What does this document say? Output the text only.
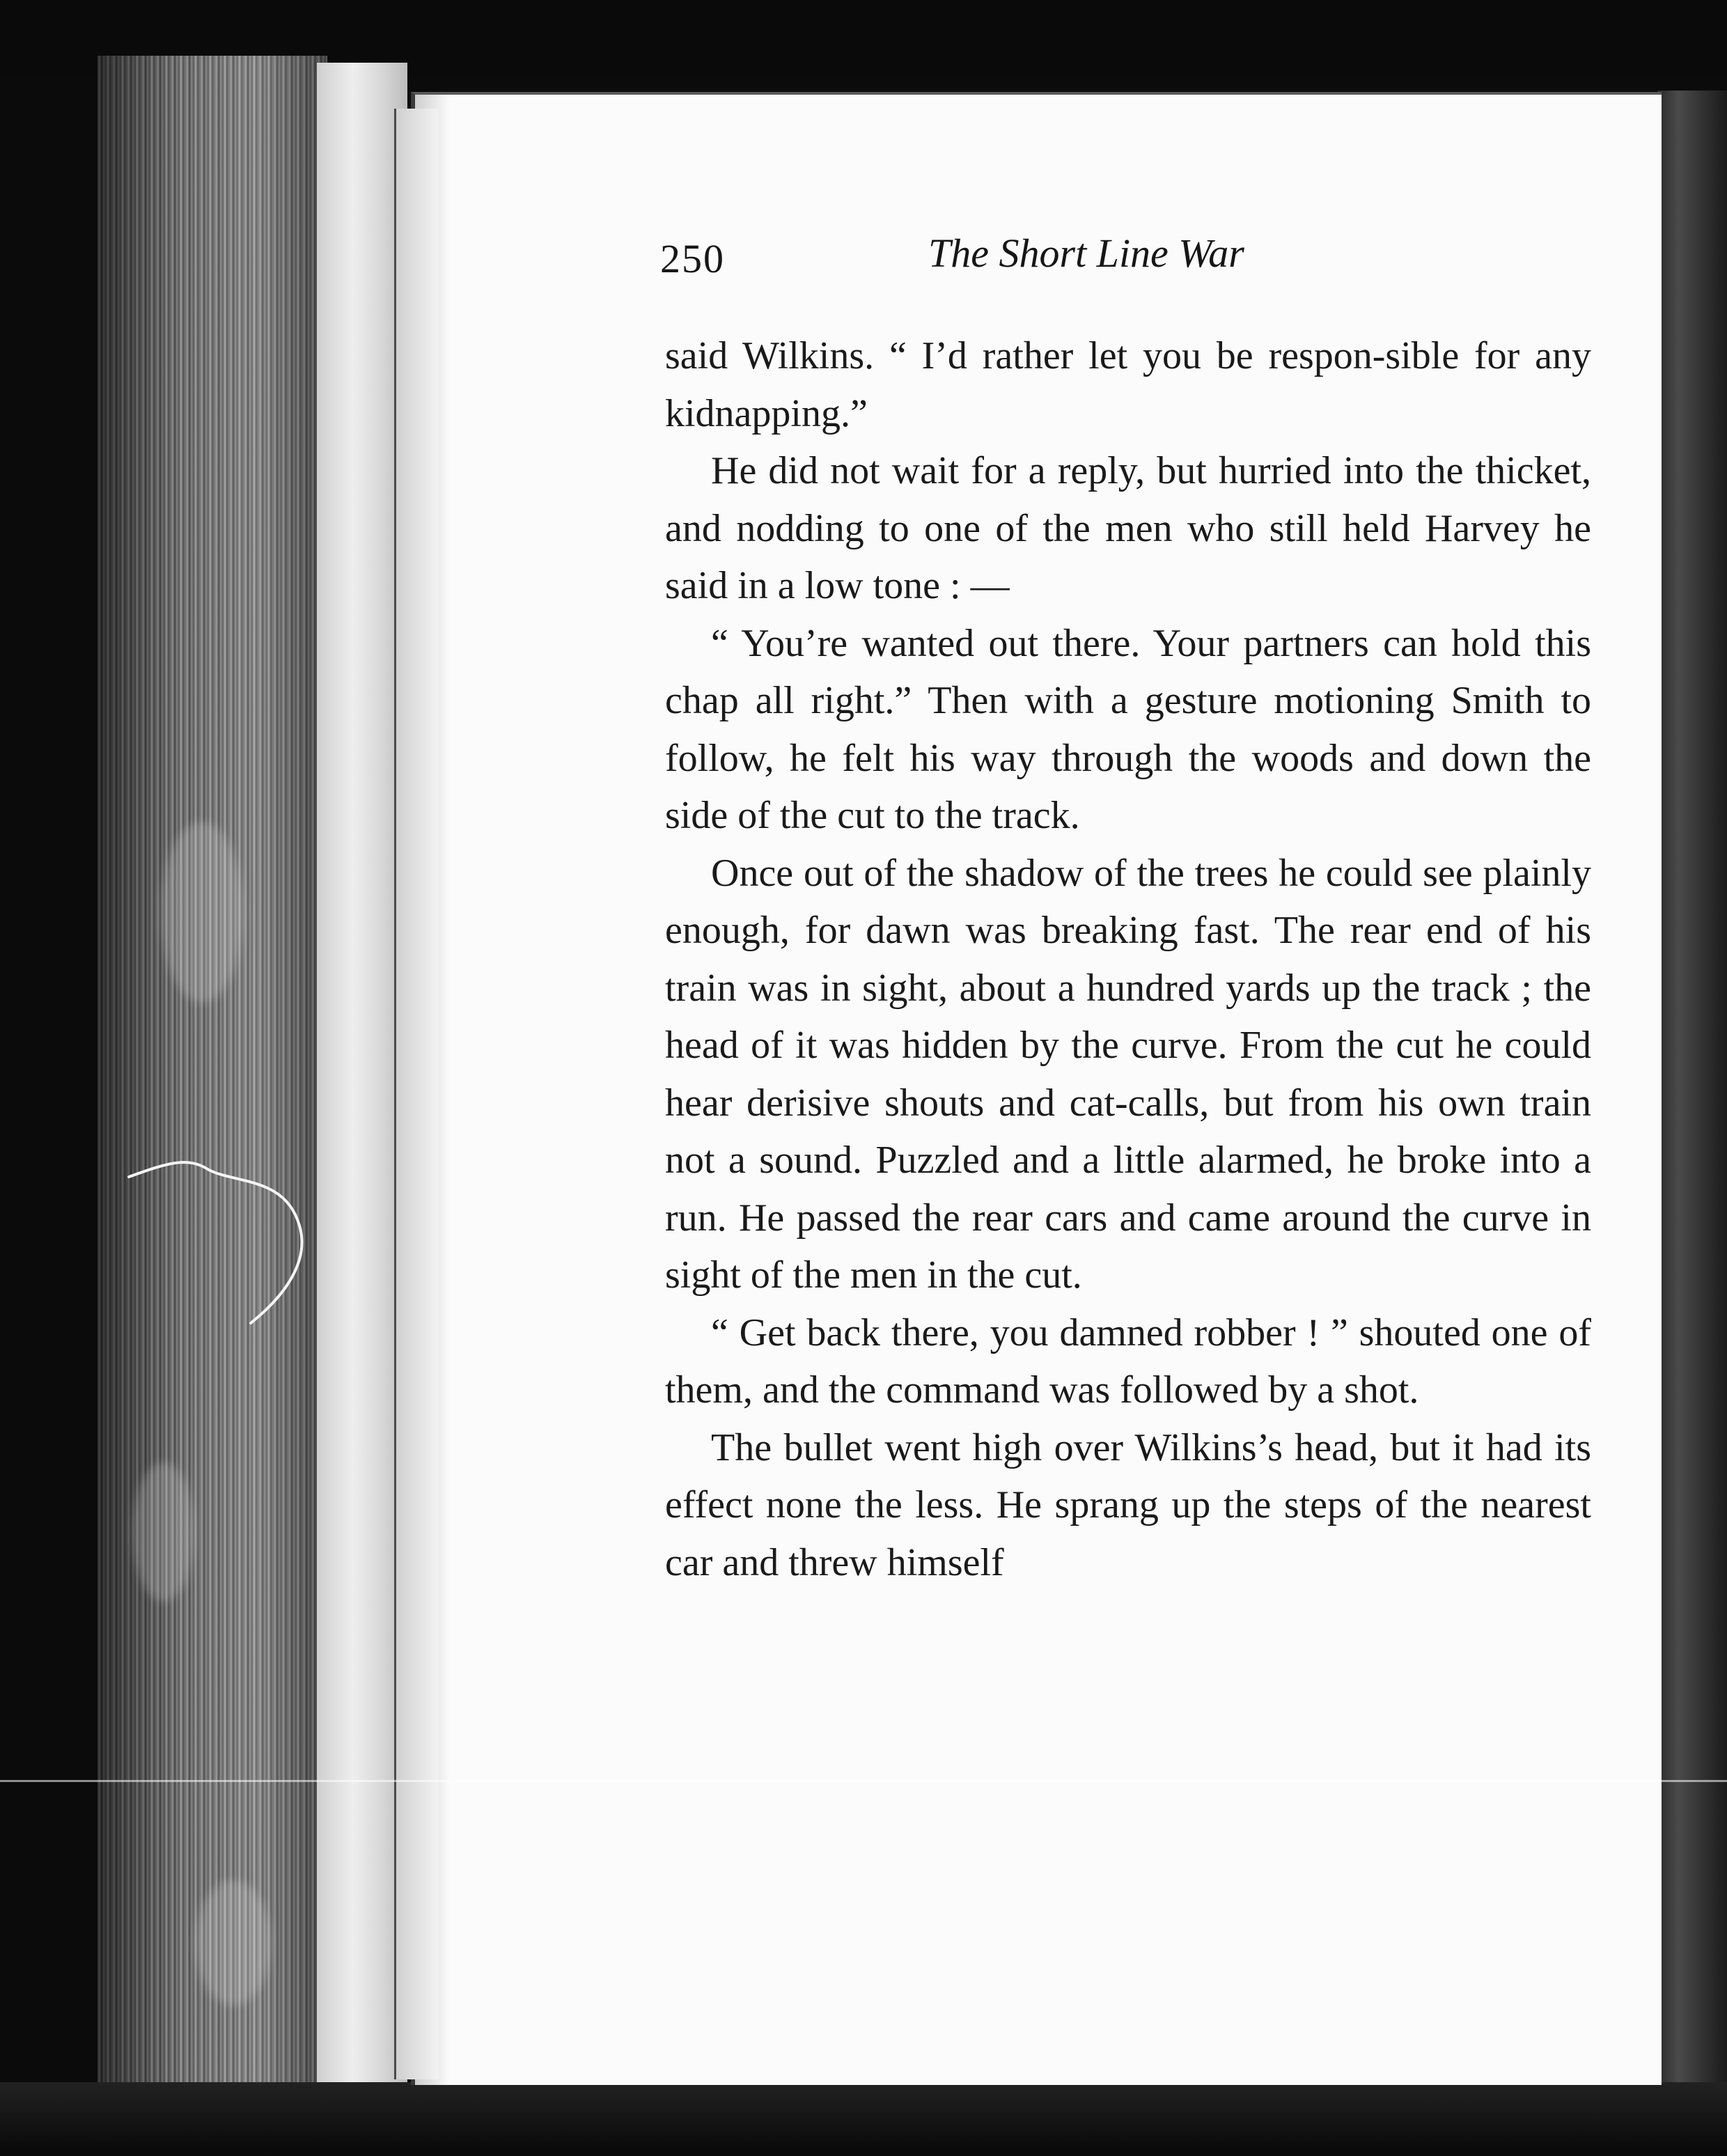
250	The Short Line War

said Wilkins. “ I’d rather let you be respon-sible for any kidnapping.”

He did not wait for a reply, but hurried into the thicket, and nodding to one of the men who still held Harvey he said in a low tone : —

“ You’re wanted out there. Your partners can hold this chap all right.” Then with a gesture motioning Smith to follow, he felt his way through the woods and down the side of the cut to the track.

Once out of the shadow of the trees he could see plainly enough, for dawn was breaking fast. The rear end of his train was in sight, about a hundred yards up the track ; the head of it was hidden by the curve. From the cut he could hear derisive shouts and cat-calls, but from his own train not a sound. Puzzled and a little alarmed, he broke into a run. He passed the rear cars and came around the curve in sight of the men in the cut.

“ Get back there, you damned robber ! ” shouted one of them, and the command was followed by a shot.

The bullet went high over Wilkins’s head, but it had its effect none the less. He sprang up the steps of the nearest car and threw himself
